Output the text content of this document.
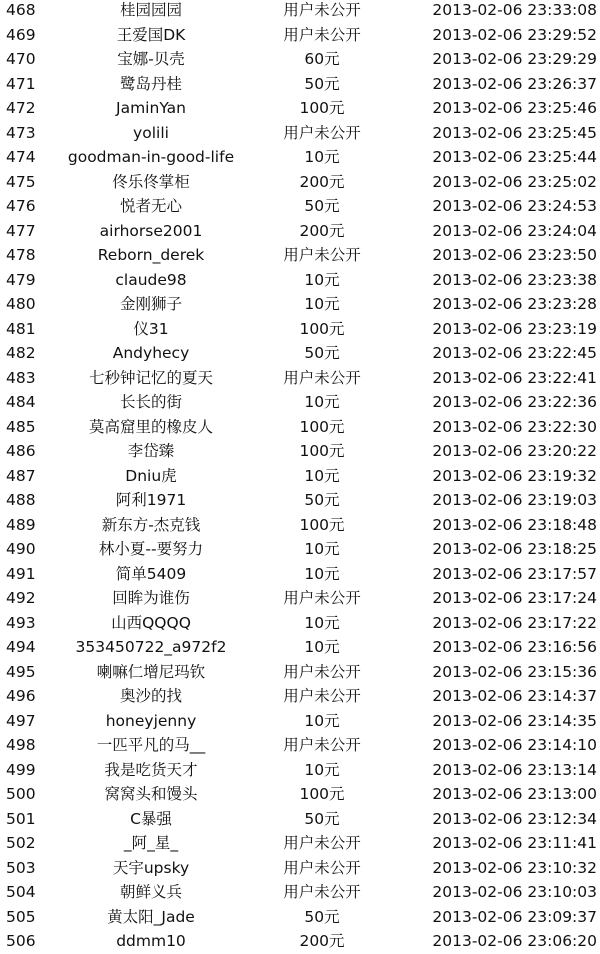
468	桂园园园	用户未公开	2013-02-06 23:33:08
469	王爱国DK	用户未公开	2013-02-06 23:29:52
470	宝娜-贝壳	60元	2013-02-06 23:29:29
471	鹭岛丹桂	50元	2013-02-06 23:26:37
472	JaminYan	100元	2013-02-06 23:25:46
473	yolili	用户未公开	2013-02-06 23:25:45
474	goodman-in-good-life	10元	2013-02-06 23:25:44
475	佟乐佟掌柜	200元	2013-02-06 23:25:02
476	悦者无心	50元	2013-02-06 23:24:53
477	airhorse2001	200元	2013-02-06 23:24:04
478	Reborn_derek	用户未公开	2013-02-06 23:23:50
479	claude98	10元	2013-02-06 23:23:38
480	金刚狮子	10元	2013-02-06 23:23:28
481	仪31	100元	2013-02-06 23:23:19
482	Andyhecy	50元	2013-02-06 23:22:45
483	七秒钟记忆的夏天	用户未公开	2013-02-06 23:22:41
484	长长的街	10元	2013-02-06 23:22:36
485	莫高窟里的橡皮人	100元	2013-02-06 23:22:30
486	李岱臻	100元	2013-02-06 23:20:22
487	Dniu虎	10元	2013-02-06 23:19:32
488	阿利1971	50元	2013-02-06 23:19:03
489	新东方-杰克钱	100元	2013-02-06 23:18:48
490	林小夏--要努力	10元	2013-02-06 23:18:25
491	简单5409	10元	2013-02-06 23:17:57
492	回眸为谁伤	用户未公开	2013-02-06 23:17:24
493	山西QQQQ	10元	2013-02-06 23:17:22
494	353450722_a972f2	10元	2013-02-06 23:16:56
495	喇嘛仁增尼玛钦	用户未公开	2013-02-06 23:15:36
496	奥沙的找	用户未公开	2013-02-06 23:14:37
497	honeyjenny	10元	2013-02-06 23:14:35
498	一匹平凡的马__	用户未公开	2013-02-06 23:14:10
499	我是吃货天才	10元	2013-02-06 23:13:14
500	窝窝头和馒头	100元	2013-02-06 23:13:00
501	C暴强	50元	2013-02-06 23:12:34
502	_阿_星_	用户未公开	2013-02-06 23:11:41
503	天宇upsky	用户未公开	2013-02-06 23:10:32
504	朝鲜义兵	用户未公开	2013-02-06 23:10:03
505	黄太阳_Jade	50元	2013-02-06 23:09:37
506	ddmm10	200元	2013-02-06 23:06:20
